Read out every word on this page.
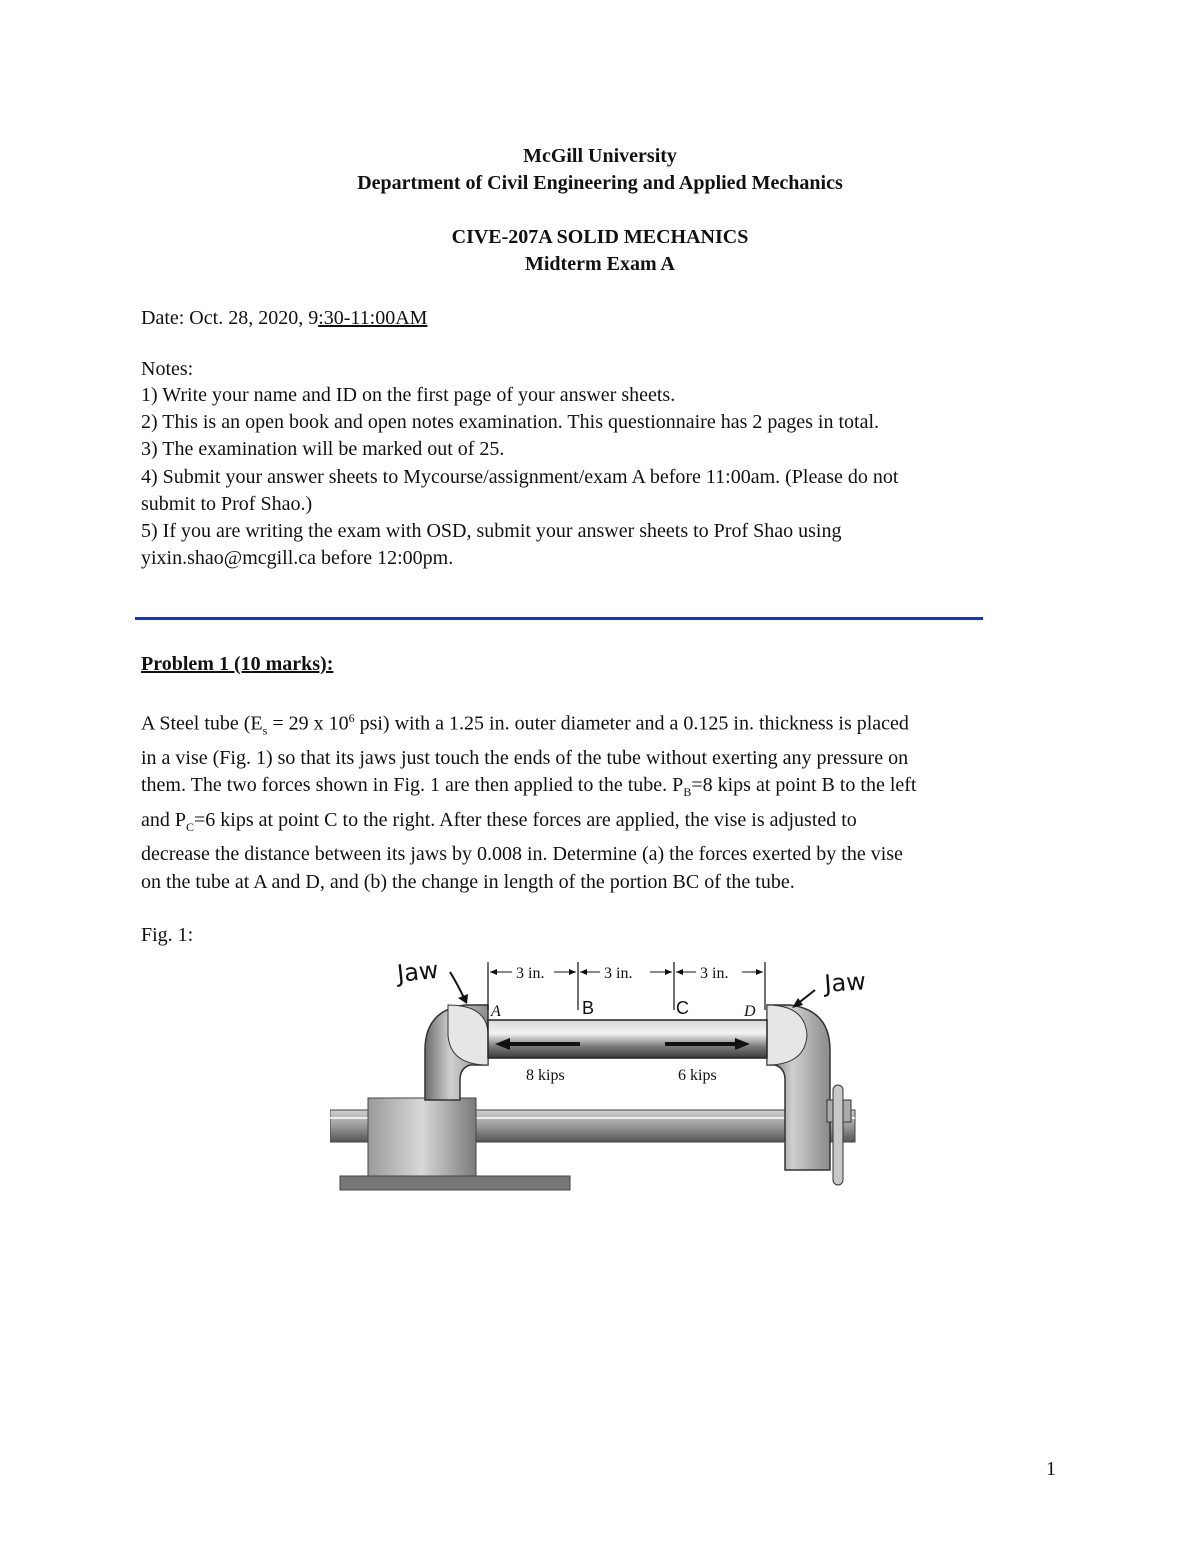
McGill University
Department of Civil Engineering and Applied Mechanics
CIVE-207A SOLID MECHANICS
Midterm Exam A
Date: Oct. 28, 2020, 9:30-11:00AM
Notes:
1) Write your name and ID on the first page of your answer sheets.
2) This is an open book and open notes examination. This questionnaire has 2 pages in total.
3) The examination will be marked out of 25.
4) Submit your answer sheets to Mycourse/assignment/exam A before 11:00am. (Please do not
submit to Prof Shao.)
5) If you are writing the exam with OSD, submit your answer sheets to Prof Shao using
yixin.shao@mcgill.ca before 12:00pm.
Problem 1 (10 marks):
A Steel tube ($E_s = 29$ x $10^6$ psi) with a 1.25 in. outer diameter and a 0.125 in. thickness is placed
in a vise (Fig. 1) so that its jaws just touch the ends of the tube without exerting any pressure on
them. The two forces shown in Fig. 1 are then applied to the tube. $P_B=8$ kips at point B to the left
and $P_C=6$ kips at point C to the right. After these forces are applied, the vise is adjusted to
decrease the distance between its jaws by 0.008 in. Determine (a) the forces exerted by the vise
on the tube at A and D, and (b) the change in length of the portion BC of the tube.
Fig. 1:
3 in.	3 in.	3 in.
A	B	C	D
8 kips	6 kips
Jaw	Jaw
1
